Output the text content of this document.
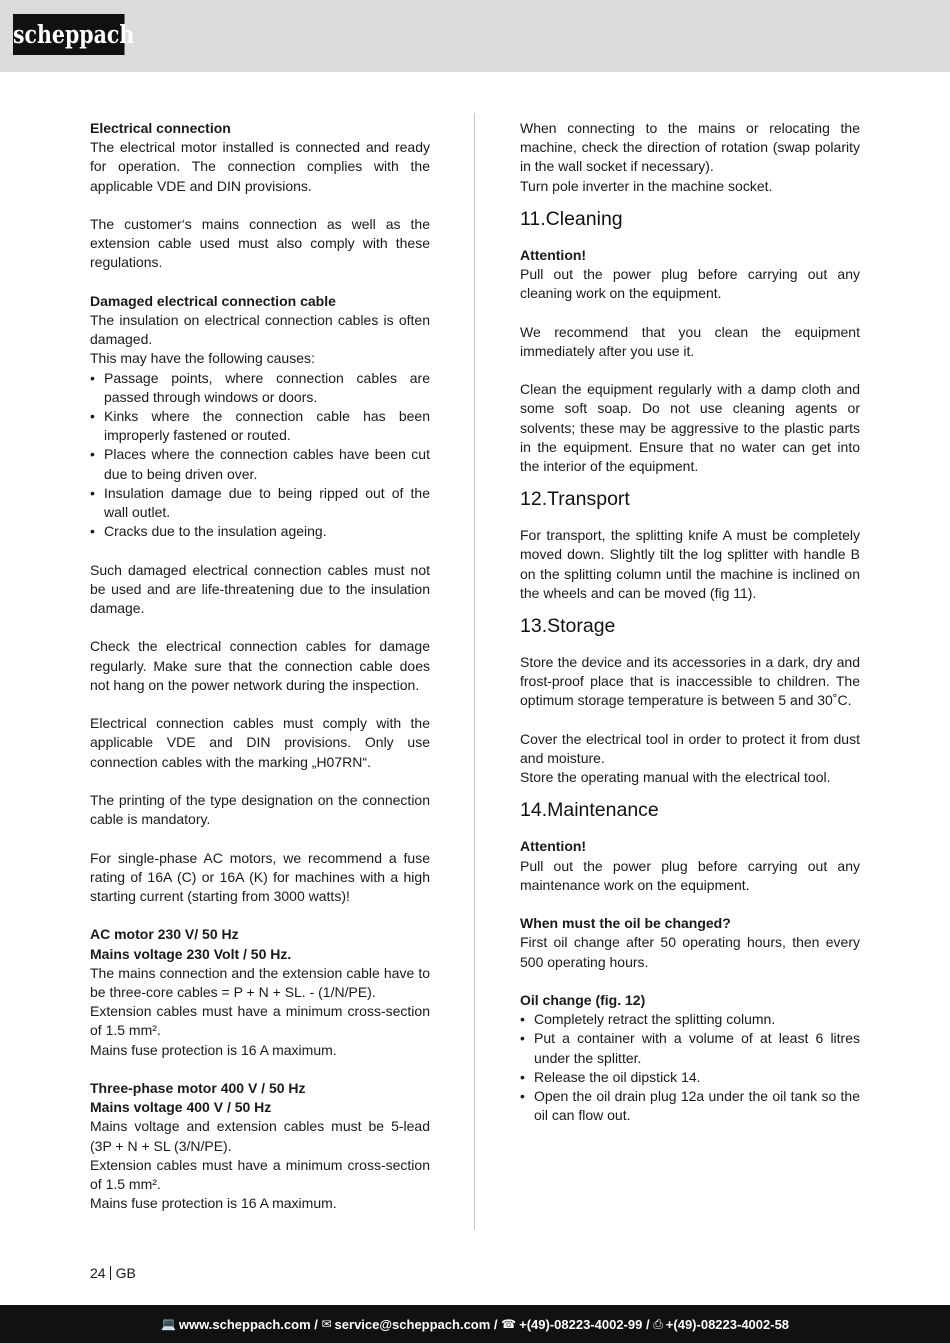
scheppach

Electrical connection

The electrical motor installed is connected and ready for operation. The connection complies with the applicable VDE and DIN provisions.

The customer‘s mains connection as well as the extension cable used must also comply with these regulations.

Damaged electrical connection cable

The insulation on electrical connection cables is often damaged.

This may have the following causes:

• Passage points, where connection cables are passed through windows or doors.
• Kinks where the connection cable has been improperly fastened or routed.
• Places where the connection cables have been cut due to being driven over.
• Insulation damage due to being ripped out of the wall outlet.
• Cracks due to the insulation ageing.

Such damaged electrical connection cables must not be used and are life-threatening due to the insulation damage.

Check the electrical connection cables for damage regularly. Make sure that the connection cable does not hang on the power network during the inspection.

Electrical connection cables must comply with the applicable VDE and DIN provisions. Only use connection cables with the marking „H07RN“.

The printing of the type designation on the connection cable is mandatory.

For single-phase AC motors, we recommend a fuse rating of 16A (C) or 16A (K) for machines with a high starting current (starting from 3000 watts)!

AC motor 230 V/ 50 Hz

Mains voltage 230 Volt / 50 Hz.

The mains connection and the extension cable have to be three-core cables = P + N + SL. - (1/N/PE).

Extension cables must have a minimum cross-section of 1.5 mm².

Mains fuse protection is 16 A maximum.

Three-phase motor 400 V / 50 Hz

Mains voltage 400 V / 50 Hz

Mains voltage and extension cables must be 5-lead (3P + N + SL (3/N/PE).

Extension cables must have a minimum cross-section of 1.5 mm².

Mains fuse protection is 16 A maximum.

When connecting to the mains or relocating the machine, check the direction of rotation (swap polarity in the wall socket if necessary).

Turn pole inverter in the machine socket.

11.Cleaning

Attention!

Pull out the power plug before carrying out any cleaning work on the equipment.

We recommend that you clean the equipment immediately after you use it.

Clean the equipment regularly with a damp cloth and some soft soap. Do not use cleaning agents or solvents; these may be aggressive to the plastic parts in the equipment. Ensure that no water can get into the interior of the equipment.

12.Transport

For transport, the splitting knife A must be completely moved down. Slightly tilt the log splitter with handle B on the splitting column until the machine is inclined on the wheels and can be moved (fig 11).

13.Storage

Store the device and its accessories in a dark, dry and frost-proof place that is inaccessible to children. The optimum storage temperature is between 5 and 30˚C.

Cover the electrical tool in order to protect it from dust and moisture.

Store the operating manual with the electrical tool.

14.Maintenance

Attention!

Pull out the power plug before carrying out any maintenance work on the equipment.

When must the oil be changed?

First oil change after 50 operating hours, then every 500 operating hours.

Oil change (fig. 12)

• Completely retract the splitting column.
• Put a container with a volume of at least 6 litres under the splitter.
• Release the oil dipstick 14.
• Open the oil drain plug 12a under the oil tank so the oil can flow out.
24 GB
💻 www.scheppach.com /
✉ service@scheppach.com /
☎ +(49)-08223-4002-99 /
⎙ +(49)-08223-4002-58
